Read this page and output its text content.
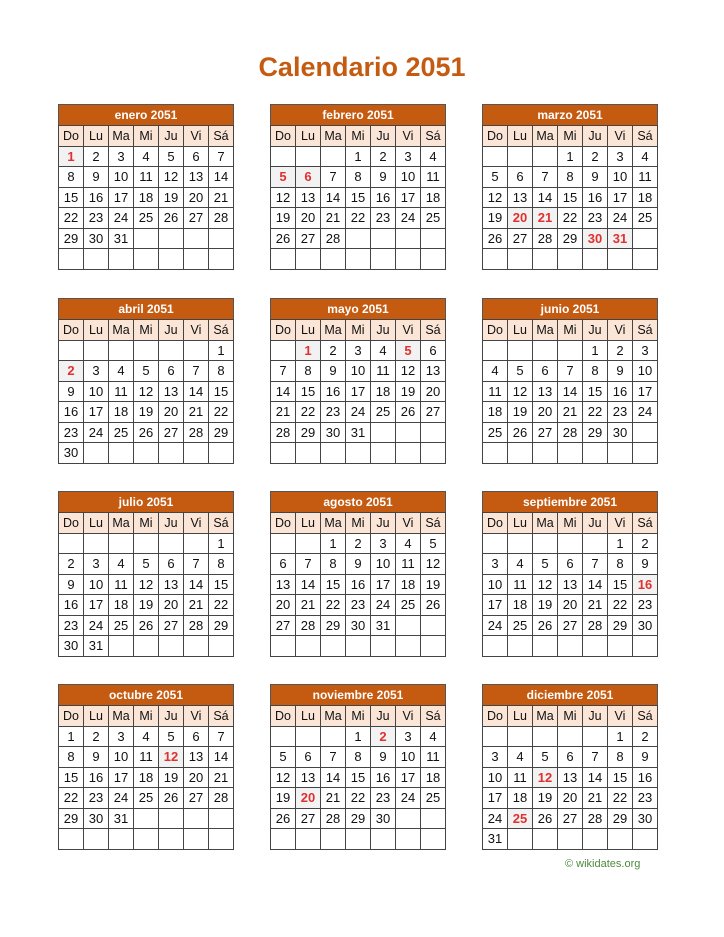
Calendario 2051
enero 2051
Do	Lu	Ma	Mi	Ju	Vi	Sá
1	2	3	4	5	6	7
8	9	10	11	12	13	14
15	16	17	18	19	20	21
22	23	24	25	26	27	28
29	30	31				

febrero 2051
Do	Lu	Ma	Mi	Ju	Vi	Sá
			1	2	3	4
5	6	7	8	9	10	11
12	13	14	15	16	17	18
19	20	21	22	23	24	25
26	27	28				

marzo 2051
Do	Lu	Ma	Mi	Ju	Vi	Sá
			1	2	3	4
5	6	7	8	9	10	11
12	13	14	15	16	17	18
19	20	21	22	23	24	25
26	27	28	29	30	31	

abril 2051
Do	Lu	Ma	Mi	Ju	Vi	Sá
						1
2	3	4	5	6	7	8
9	10	11	12	13	14	15
16	17	18	19	20	21	22
23	24	25	26	27	28	29
30						
mayo 2051
Do	Lu	Ma	Mi	Ju	Vi	Sá
	1	2	3	4	5	6
7	8	9	10	11	12	13
14	15	16	17	18	19	20
21	22	23	24	25	26	27
28	29	30	31			

junio 2051
Do	Lu	Ma	Mi	Ju	Vi	Sá
				1	2	3
4	5	6	7	8	9	10
11	12	13	14	15	16	17
18	19	20	21	22	23	24
25	26	27	28	29	30	

julio 2051
Do	Lu	Ma	Mi	Ju	Vi	Sá
						1
2	3	4	5	6	7	8
9	10	11	12	13	14	15
16	17	18	19	20	21	22
23	24	25	26	27	28	29
30	31					
agosto 2051
Do	Lu	Ma	Mi	Ju	Vi	Sá
		1	2	3	4	5
6	7	8	9	10	11	12
13	14	15	16	17	18	19
20	21	22	23	24	25	26
27	28	29	30	31		

septiembre 2051
Do	Lu	Ma	Mi	Ju	Vi	Sá
					1	2
3	4	5	6	7	8	9
10	11	12	13	14	15	16
17	18	19	20	21	22	23
24	25	26	27	28	29	30

octubre 2051
Do	Lu	Ma	Mi	Ju	Vi	Sá
1	2	3	4	5	6	7
8	9	10	11	12	13	14
15	16	17	18	19	20	21
22	23	24	25	26	27	28
29	30	31				

noviembre 2051
Do	Lu	Ma	Mi	Ju	Vi	Sá
			1	2	3	4
5	6	7	8	9	10	11
12	13	14	15	16	17	18
19	20	21	22	23	24	25
26	27	28	29	30		

diciembre 2051
Do	Lu	Ma	Mi	Ju	Vi	Sá
					1	2
3	4	5	6	7	8	9
10	11	12	13	14	15	16
17	18	19	20	21	22	23
24	25	26	27	28	29	30
31						
© wikidates.org
